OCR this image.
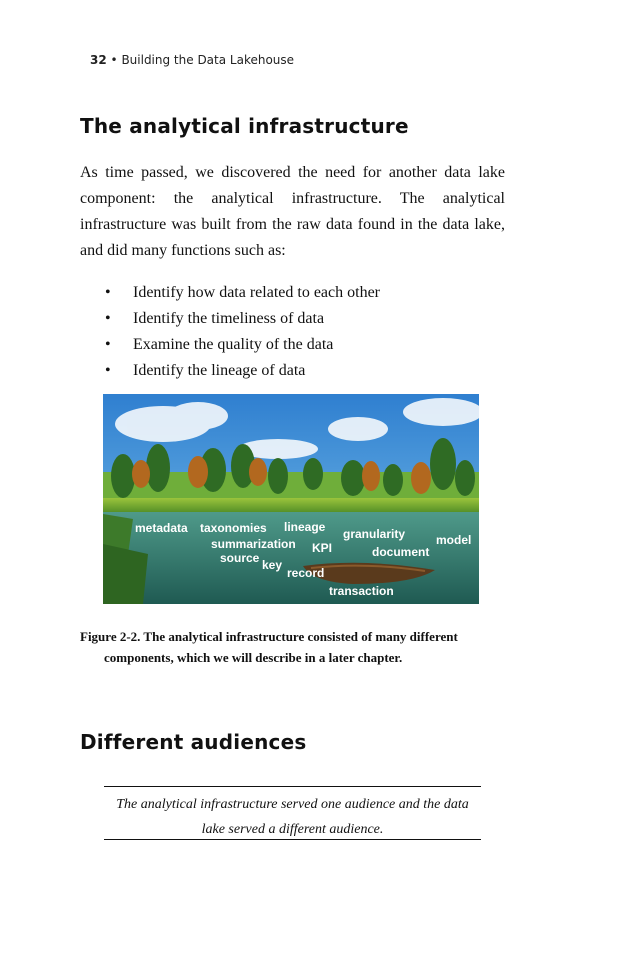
32 • Building the Data Lakehouse
The analytical infrastructure

As time passed, we discovered the need for another data lake component: the analytical infrastructure. The analytical infrastructure was built from the raw data found in the data lake, and did many functions such as:

• Identify how data related to each other
• Identify the timeliness of data
• Examine the quality of the data
• Identify the lineage of data
metadata taxonomies lineage granularity	model
summarization KPI	document
source key
record
transaction

Figure 2-2. The analytical infrastructure consisted of many different
components, which we will describe in a later chapter.

Different audiences

The analytical infrastructure served one audience and the data
lake served a different audience.
